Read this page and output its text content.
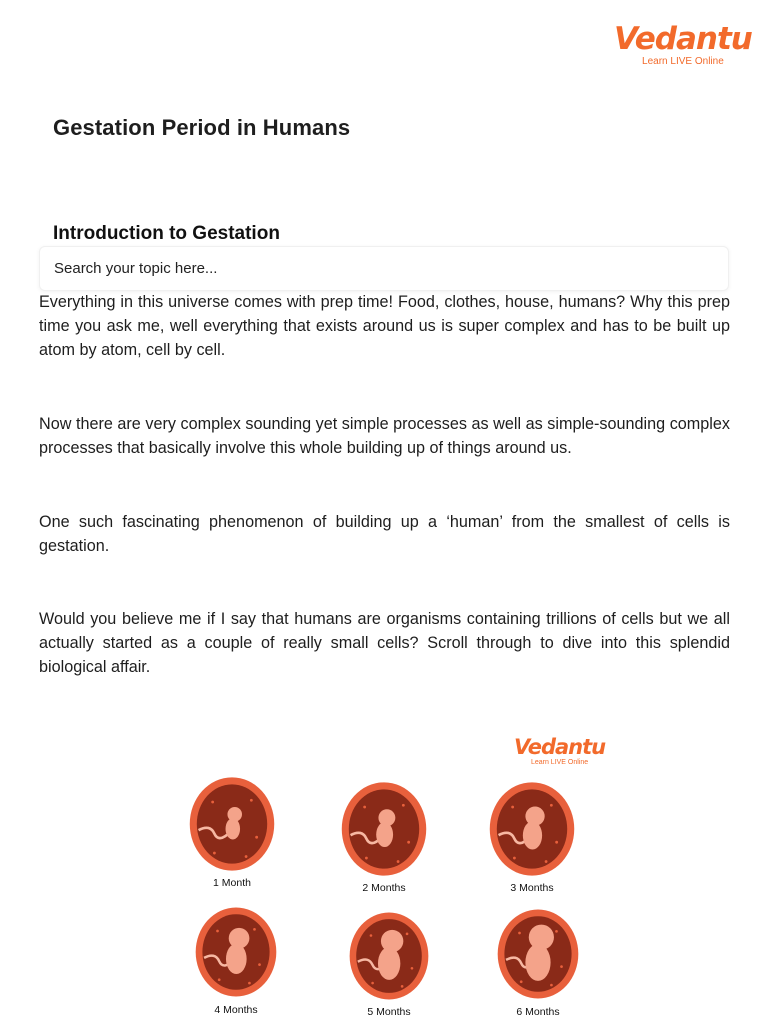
Vedantu
Learn LIVE Online
Gestation Period in Humans
Introduction to Gestation
Search your topic here...

Everything in this universe comes with prep time! Food, clothes, house, humans? Why this prep time you ask me, well everything that exists around us is super complex and has to be built up atom by atom, cell by cell.

Now there are very complex sounding yet simple processes as well as simple-sounding complex processes that basically involve this whole building up of things around us.

One such fascinating phenomenon of building up a ‘human’ from the smallest of cells is gestation.

Would you believe me if I say that humans are organisms containing trillions of cells but we all actually started as a couple of really small cells? Scroll through to dive into this splendid biological affair.

Vedantu
Learn LIVE Online
1 Month	2 Months	3 Months
4 Months	5 Months	6 Months
